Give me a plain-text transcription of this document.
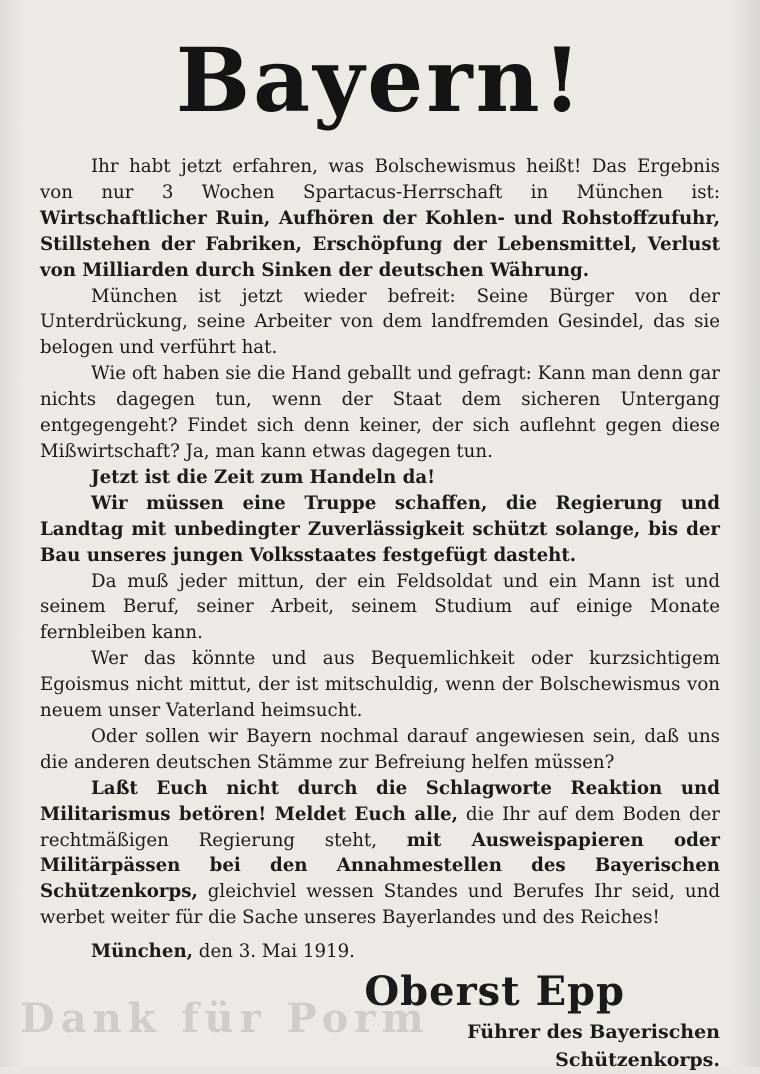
Dank für Porm
Bayern!

Ihr habt jetzt erfahren, was Bolschewismus heißt! Das Ergebnis von nur 3 Wochen Spartacus-Herrschaft in München ist: Wirtschaftlicher Ruin, Aufhören der Kohlen- und Rohstoffzufuhr, Stillstehen der Fabriken, Erschöpfung der Lebensmittel, Verlust von Milliarden durch Sinken der deutschen Währung.

München ist jetzt wieder befreit: Seine Bürger von der Unterdrückung, seine Arbeiter von dem landfremden Gesindel, das sie belogen und verführt hat.

Wie oft haben sie die Hand geballt und gefragt: Kann man denn gar nichts dagegen tun, wenn der Staat dem sicheren Untergang entgegengeht? Findet sich denn keiner, der sich auflehnt gegen diese Mißwirtschaft? Ja, man kann etwas dagegen tun.

Jetzt ist die Zeit zum Handeln da!

Wir müssen eine Truppe schaffen, die Regierung und Landtag mit unbedingter Zuverlässigkeit schützt solange, bis der Bau unseres jungen Volksstaates festgefügt dasteht.

Da muß jeder mittun, der ein Feldsoldat und ein Mann ist und seinem Beruf, seiner Arbeit, seinem Studium auf einige Monate fernbleiben kann.

Wer das könnte und aus Bequemlichkeit oder kurzsichtigem Egoismus nicht mittut, der ist mitschuldig, wenn der Bolschewismus von neuem unser Vaterland heimsucht.

Oder sollen wir Bayern nochmal darauf angewiesen sein, daß uns die anderen deutschen Stämme zur Befreiung helfen müssen?

Laßt Euch nicht durch die Schlagworte Reaktion und Militarismus betören! Meldet Euch alle, die Ihr auf dem Boden der rechtmäßigen Regierung steht, mit Ausweispapieren oder Militärpässen bei den Annahmestellen des Bayerischen Schützenkorps, gleichviel wessen Standes und Berufes Ihr seid, und werbet weiter für die Sache unseres Bayerlandes und des Reiches!

München, den 3. Mai 1919.

Oberst Epp
Führer des Bayerischen Schützenkorps.
